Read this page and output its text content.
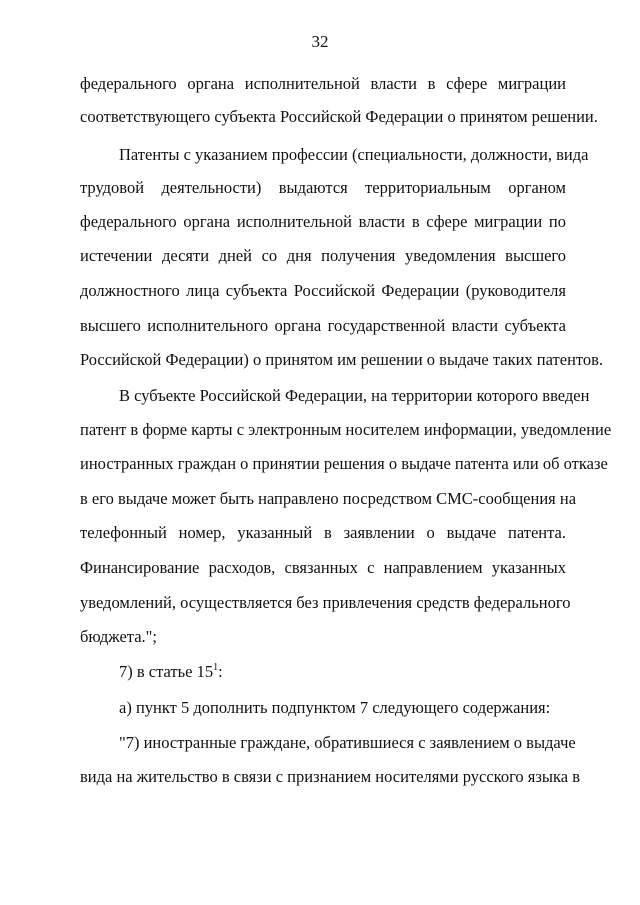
32
федерального органа исполнительной власти в сфере миграции
соответствующего субъекта Российской Федерации о принятом решении.
Патенты с указанием профессии (специальности, должности, вида
трудовой деятельности) выдаются территориальным органом
федерального органа исполнительной власти в сфере миграции по
истечении десяти дней со дня получения уведомления высшего
должностного лица субъекта Российской Федерации (руководителя
высшего исполнительного органа государственной власти субъекта
Российской Федерации) о принятом им решении о выдаче таких патентов.
В субъекте Российской Федерации, на территории которого введен
патент в форме карты с электронным носителем информации, уведомление
иностранных граждан о принятии решения о выдаче патента или об отказе
в его выдаче может быть направлено посредством СМС-сообщения на
телефонный номер, указанный в заявлении о выдаче патента.
Финансирование расходов, связанных с направлением указанных
уведомлений, осуществляется без привлечения средств федерального
бюджета.";
7) в статье $15^1$:
а) пункт 5 дополнить подпунктом 7 следующего содержания:
"7) иностранные граждане, обратившиеся с заявлением о выдаче
вида на жительство в связи с признанием носителями русского языка в
